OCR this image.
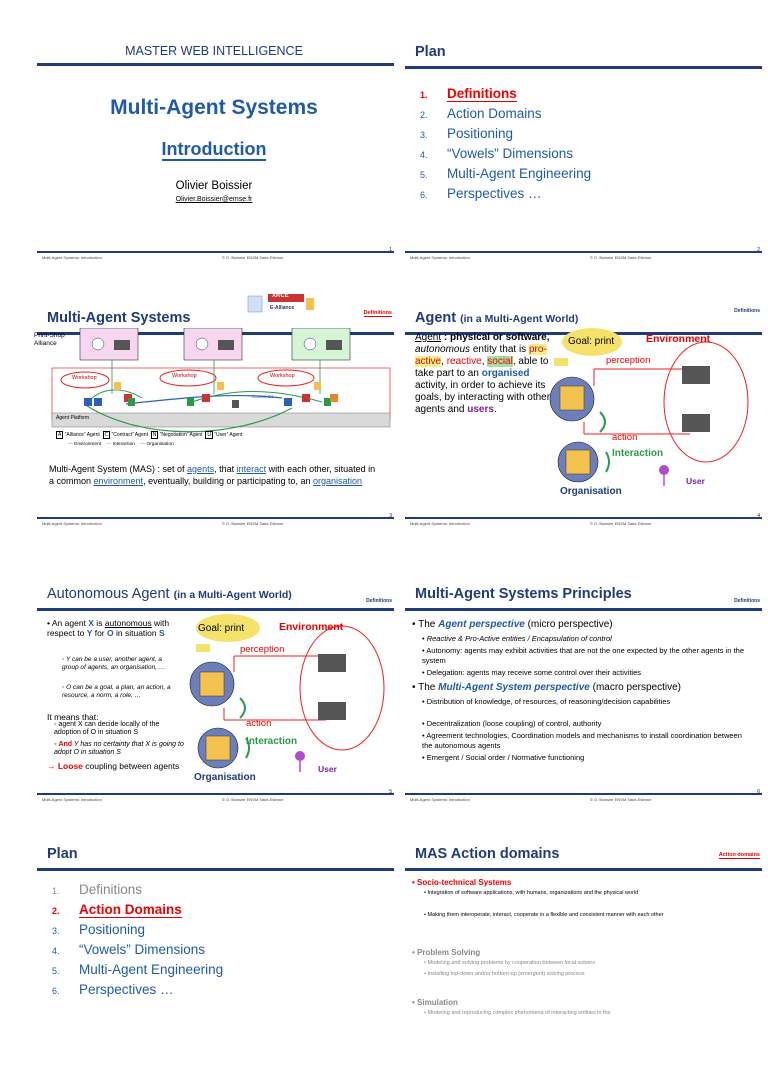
MASTER WEB INTELLIGENCE
Multi-Agent Systems
Introduction
Olivier Boissier
Olivier.Boissier@emse.fr
Multi-Agent Systems: Introduction	© O. Boissier ENSM Saint-Etienne
1
Plan
1. Definitions
2. Action Domains
3. Positioning
4. “Vowels” Dimensions
5. Multi-Agent Engineering
6. Perspectives …
Multi-Agent Systems: Introduction	© O. Boissier ENSM Saint-Etienne
2
Multi-Agent Systems	Definitions
XRCE
E-Alliance
Print-Shop Alliance
Workshop	Workshop	Workshop
Control C1
Agent Platform
A “Alliance” Agent C “Contract” Agent N “Negotiation” Agent U “User” Agent
— Environment — Interaction — Organisation
Multi-Agent System (MAS) : set of agents, that interact with each other, situated in a common environment, eventually, building or participating to, an organisation
Multi-Agent Systems: Introduction	© O. Boissier ENSM Saint-Etienne
3
Agent (in a Multi-Agent World)
Definitions
Agent : physical or software, autonomous entity that is pro-active, reactive, social, able to take part to an organised activity, in order to achieve its goals, by interacting with other agents and users.
Goal: print	Environment
perception
action
Interaction
Organisation
User
Multi-Agent Systems: Introduction	© O. Boissier ENSM Saint-Etienne
4
Autonomous Agent (in a Multi-Agent World)	Definitions
• An agent X is autonomous with respect to Y for O in situation S
◦ Y can be a user, another agent, a group of agents, an organisation, …
◦ O can be a goal, a plan, an action, a resource, a norm, a role, …
It means that:
◦ agent X can decide locally of the adoption of O in situation S
◦ And Y has no certainty that X is going to adopt O in situation S
→ Loose coupling between agents
Goal: print	Environment
perception
action
Interaction
Organisation
User
Multi-Agent Systems: Introduction	© O. Boissier ENSM Saint-Etienne
5
Multi-Agent Systems Principles	Definitions
• The Agent perspective (micro perspective)
• Reactive & Pro-Active entities / Encapsulation of control
• Autonomy: agents may exhibit activities that are not the one expected by the other agents in the system
• Delegation: agents may receive some control over their activities
• The Multi-Agent System perspective (macro perspective)
• Distribution of knowledge, of resources, of reasoning/decision capabilities
• Decentralization (loose coupling) of control, authority
• Agreement technologies, Coordination models and mechanisms to install coordination between the autonomous agents
• Emergent / Social order / Normative functioning
Multi-Agent Systems: Introduction	© O. Boissier ENSM Saint-Etienne
6
Plan
1. Definitions
2. Action Domains
3. Positioning
4. “Vowels” Dimensions
5. Multi-Agent Engineering
6. Perspectives …
MAS Action domains	Action domains
• Socio-technical Systems
• Integration of software applications, with humans, organizations and the physical world
• Making them interoperate, interact, cooperate in a flexible and consistent manner with each other
• Problem Solving
• Modeling and solving problems by cooperation between local solvers
• Installing top-down and/or bottom-up (emergent) solving process
• Simulation
• Modeling and reproducing complex phenomena of interacting entities in the
